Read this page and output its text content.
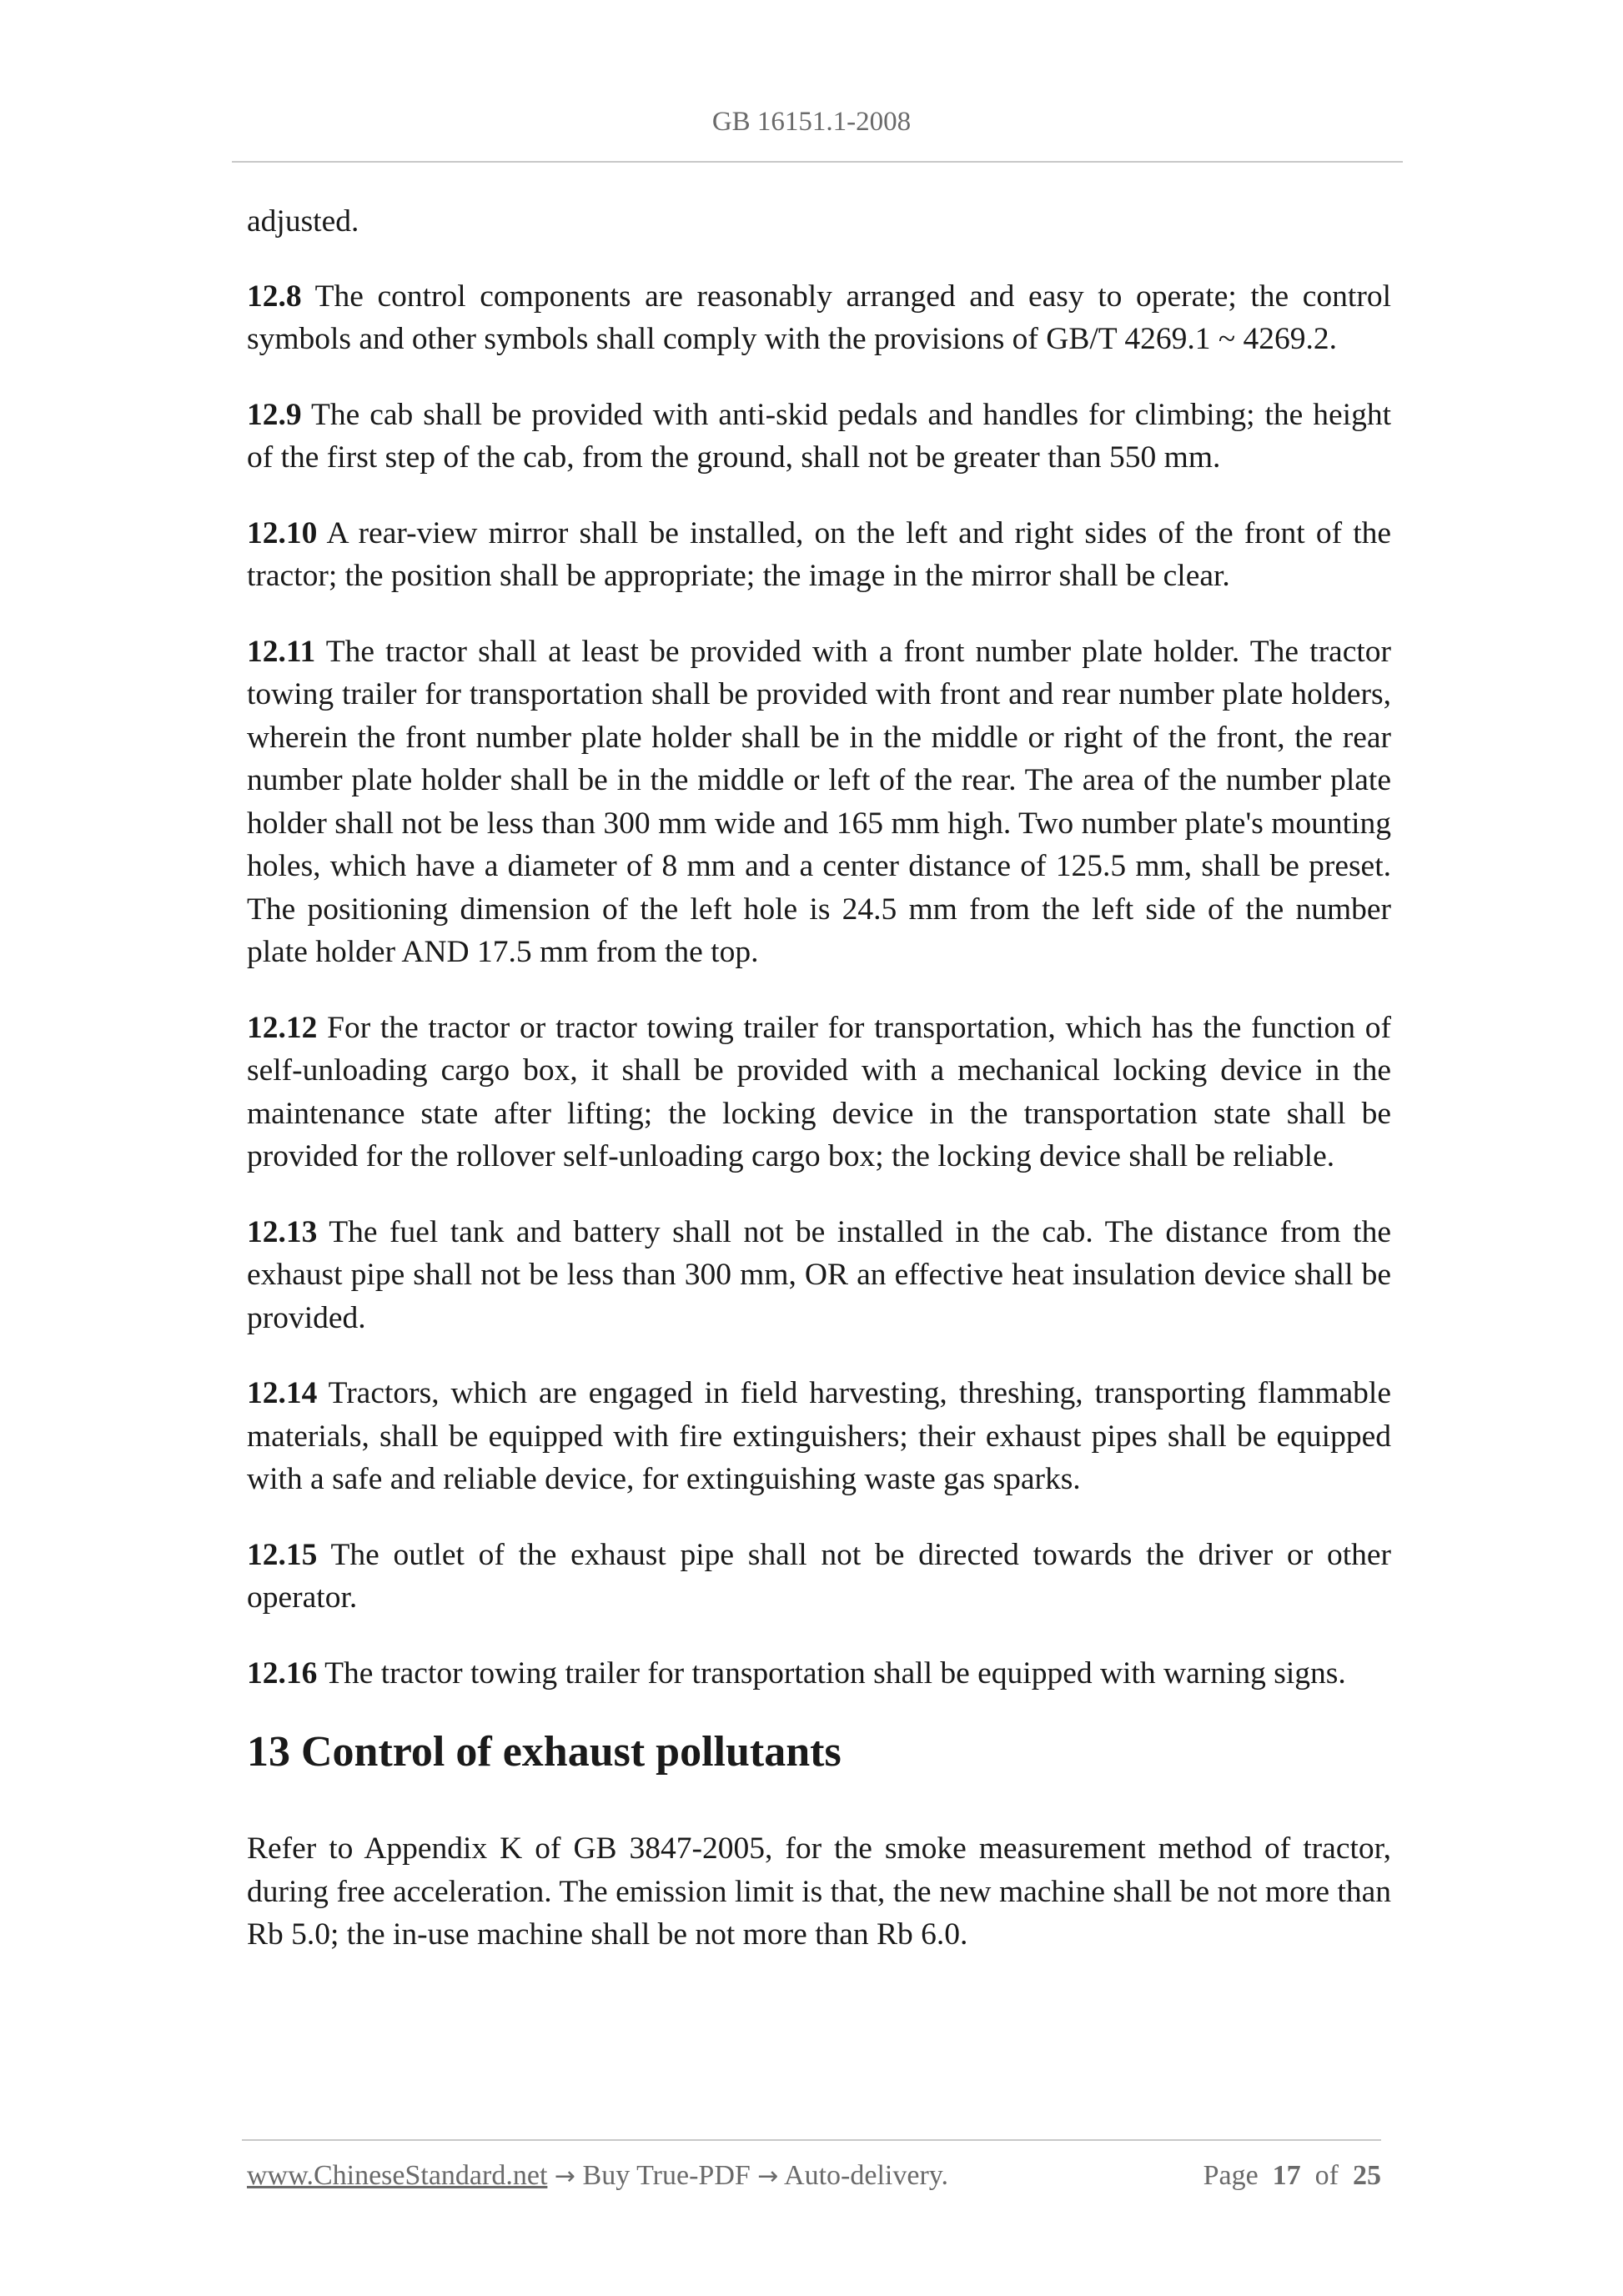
GB 16151.1-2008

adjusted.

12.8 The control components are reasonably arranged and easy to operate; the control symbols and other symbols shall comply with the provisions of GB/T 4269.1 ~ 4269.2.

12.9 The cab shall be provided with anti-skid pedals and handles for climbing; the height of the first step of the cab, from the ground, shall not be greater than 550 mm.

12.10 A rear-view mirror shall be installed, on the left and right sides of the front of the tractor; the position shall be appropriate; the image in the mirror shall be clear.

12.11 The tractor shall at least be provided with a front number plate holder. The tractor towing trailer for transportation shall be provided with front and rear number plate holders, wherein the front number plate holder shall be in the middle or right of the front, the rear number plate holder shall be in the middle or left of the rear. The area of the number plate holder shall not be less than 300 mm wide and 165 mm high. Two number plate's mounting holes, which have a diameter of 8 mm and a center distance of 125.5 mm, shall be preset. The positioning dimension of the left hole is 24.5 mm from the left side of the number plate holder AND 17.5 mm from the top.

12.12 For the tractor or tractor towing trailer for transportation, which has the function of self-unloading cargo box, it shall be provided with a mechanical locking device in the maintenance state after lifting; the locking device in the transportation state shall be provided for the rollover self-unloading cargo box; the locking device shall be reliable.

12.13 The fuel tank and battery shall not be installed in the cab. The distance from the exhaust pipe shall not be less than 300 mm, OR an effective heat insulation device shall be provided.

12.14 Tractors, which are engaged in field harvesting, threshing, transporting flammable materials, shall be equipped with fire extinguishers; their exhaust pipes shall be equipped with a safe and reliable device, for extinguishing waste gas sparks.

12.15 The outlet of the exhaust pipe shall not be directed towards the driver or other operator.

12.16 The tractor towing trailer for transportation shall be equipped with warning signs.

13 Control of exhaust pollutants

Refer to Appendix K of GB 3847-2005, for the smoke measurement method of tractor, during free acceleration. The emission limit is that, the new machine shall be not more than Rb 5.0; the in-use machine shall be not more than Rb 6.0.

www.ChineseStandard.net → Buy True-PDF → Auto-delivery.	Page 17 of 25
